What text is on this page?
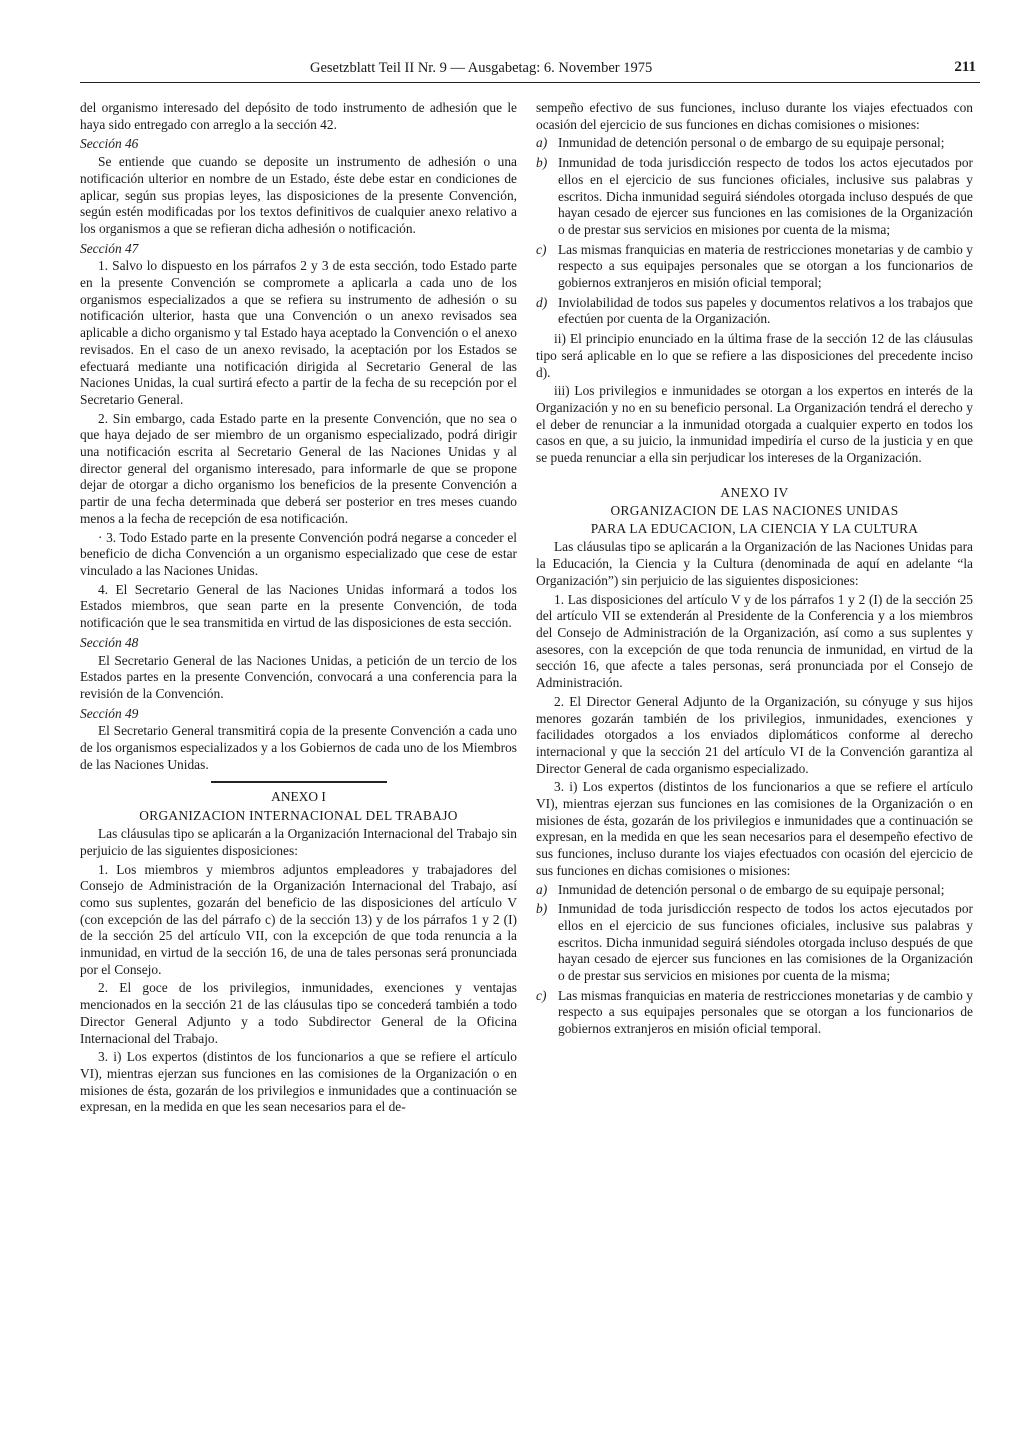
Gesetzblatt Teil II Nr. 9 — Ausgabetag: 6. November 1975	211

del organismo interesado del depósito de todo instrumento de adhesión que le haya sido entregado con arreglo a la sección 42.

Sección 46

Se entiende que cuando se deposite un instrumento de adhesión o una notificación ulterior en nombre de un Estado, éste debe estar en condiciones de aplicar, según sus propias leyes, las disposiciones de la presente Convención, según estén modificadas por los textos definitivos de cualquier anexo relativo a los organismos a que se refieran dicha adhesión o notificación.

Sección 47

1. Salvo lo dispuesto en los párrafos 2 y 3 de esta sección, todo Estado parte en la presente Convención se compromete a aplicarla a cada uno de los organismos especializados a que se refiera su instrumento de adhesión o su notificación ulterior, hasta que una Convención o un anexo revisados sea aplicable a dicho organismo y tal Estado haya aceptado la Convención o el anexo revisados. En el caso de un anexo revisado, la aceptación por los Estados se efectuará mediante una notificación dirigida al Secretario General de las Naciones Unidas, la cual surtirá efecto a partir de la fecha de su recepción por el Secretario General.

2. Sin embargo, cada Estado parte en la presente Convención, que no sea o que haya dejado de ser miembro de un organismo especializado, podrá dirigir una notificación escrita al Secretario General de las Naciones Unidas y al director general del organismo interesado, para informarle de que se propone dejar de otorgar a dicho organismo los beneficios de la presente Convención a partir de una fecha determinada que deberá ser posterior en tres meses cuando menos a la fecha de recepción de esa notificación.

· 3. Todo Estado parte en la presente Convención podrá negarse a conceder el beneficio de dicha Convención a un organismo especializado que cese de estar vinculado a las Naciones Unidas.

4. El Secretario General de las Naciones Unidas informará a todos los Estados miembros, que sean parte en la presente Convención, de toda notificación que le sea transmitida en virtud de las disposiciones de esta sección.

Sección 48

El Secretario General de las Naciones Unidas, a petición de un tercio de los Estados partes en la presente Convención, convocará a una conferencia para la revisión de la Convención.

Sección 49

El Secretario General transmitirá copia de la presente Convención a cada uno de los organismos especializados y a los Gobiernos de cada uno de los Miembros de las Naciones Unidas.

ANEXO I
ORGANIZACION INTERNACIONAL DEL TRABAJO

Las cláusulas tipo se aplicarán a la Organización Internacional del Trabajo sin perjuicio de las siguientes disposiciones:

1. Los miembros y miembros adjuntos empleadores y trabajadores del Consejo de Administración de la Organización Internacional del Trabajo, así como sus suplentes, gozarán del beneficio de las disposiciones del artículo V (con excepción de las del párrafo c) de la sección 13) y de los párrafos 1 y 2 (I) de la sección 25 del artículo VII, con la excepción de que toda renuncia a la inmunidad, en virtud de la sección 16, de una de tales personas será pronunciada por el Consejo.

2. El goce de los privilegios, inmunidades, exenciones y ventajas mencionados en la sección 21 de las cláusulas tipo se concederá también a todo Director General Adjunto y a todo Subdirector General de la Oficina Internacional del Trabajo.

3. i) Los expertos (distintos de los funcionarios a que se refiere el artículo VI), mientras ejerzan sus funciones en las comisiones de la Organización o en misiones de ésta, gozarán de los privilegios e inmunidades que a continuación se expresan, en la medida en que les sean necesarios para el de-

sempeño efectivo de sus funciones, incluso durante los viajes efectuados con ocasión del ejercicio de sus funciones en dichas comisiones o misiones:

a) Inmunidad de detención personal o de embargo de su equipaje personal;
b) Inmunidad de toda jurisdicción respecto de todos los actos ejecutados por ellos en el ejercicio de sus funciones oficiales, inclusive sus palabras y escritos. Dicha inmunidad seguirá siéndoles otorgada incluso después de que hayan cesado de ejercer sus funciones en las comisiones de la Organización o de prestar sus servicios en misiones por cuenta de la misma;
c) Las mismas franquicias en materia de restricciones monetarias y de cambio y respecto a sus equipajes personales que se otorgan a los funcionarios de gobiernos extranjeros en misión oficial temporal;
d) Inviolabilidad de todos sus papeles y documentos relativos a los trabajos que efectúen por cuenta de la Organización.

ii) El principio enunciado en la última frase de la sección 12 de las cláusulas tipo será aplicable en lo que se refiere a las disposiciones del precedente inciso d).

iii) Los privilegios e inmunidades se otorgan a los expertos en interés de la Organización y no en su beneficio personal. La Organización tendrá el derecho y el deber de renunciar a la inmunidad otorgada a cualquier experto en todos los casos en que, a su juicio, la inmunidad impediría el curso de la justicia y en que se pueda renunciar a ella sin perjudicar los intereses de la Organización.

ANEXO IV
ORGANIZACION DE LAS NACIONES UNIDAS
PARA LA EDUCACION, LA CIENCIA Y LA CULTURA

Las cláusulas tipo se aplicarán a la Organización de las Naciones Unidas para la Educación, la Ciencia y la Cultura (denominada de aquí en adelante “la Organización”) sin perjuicio de las siguientes disposiciones:

1. Las disposiciones del artículo V y de los párrafos 1 y 2 (I) de la sección 25 del artículo VII se extenderán al Presidente de la Conferencia y a los miembros del Consejo de Administración de la Organización, así como a sus suplentes y asesores, con la excepción de que toda renuncia de inmunidad, en virtud de la sección 16, que afecte a tales personas, será pronunciada por el Consejo de Administración.

2. El Director General Adjunto de la Organización, su cónyuge y sus hijos menores gozarán también de los privilegios, inmunidades, exenciones y facilidades otorgados a los enviados diplomáticos conforme al derecho internacional y que la sección 21 del artículo VI de la Convención garantiza al Director General de cada organismo especializado.

3. i) Los expertos (distintos de los funcionarios a que se refiere el artículo VI), mientras ejerzan sus funciones en las comisiones de la Organización o en misiones de ésta, gozarán de los privilegios e inmunidades que a continuación se expresan, en la medida en que les sean necesarios para el desempeño efectivo de sus funciones, incluso durante los viajes efectuados con ocasión del ejercicio de sus funciones en dichas comisiones o misiones:

a) Inmunidad de detención personal o de embargo de su equipaje personal;
b) Inmunidad de toda jurisdicción respecto de todos los actos ejecutados por ellos en el ejercicio de sus funciones oficiales, inclusive sus palabras y escritos. Dicha inmunidad seguirá siéndoles otorgada incluso después de que hayan cesado de ejercer sus funciones en las comisiones de la Organización o de prestar sus servicios en misiones por cuenta de la misma;
c) Las mismas franquicias en materia de restricciones monetarias y de cambio y respecto a sus equipajes personales que se otorgan a los funcionarios de gobiernos extranjeros en misión oficial temporal.
